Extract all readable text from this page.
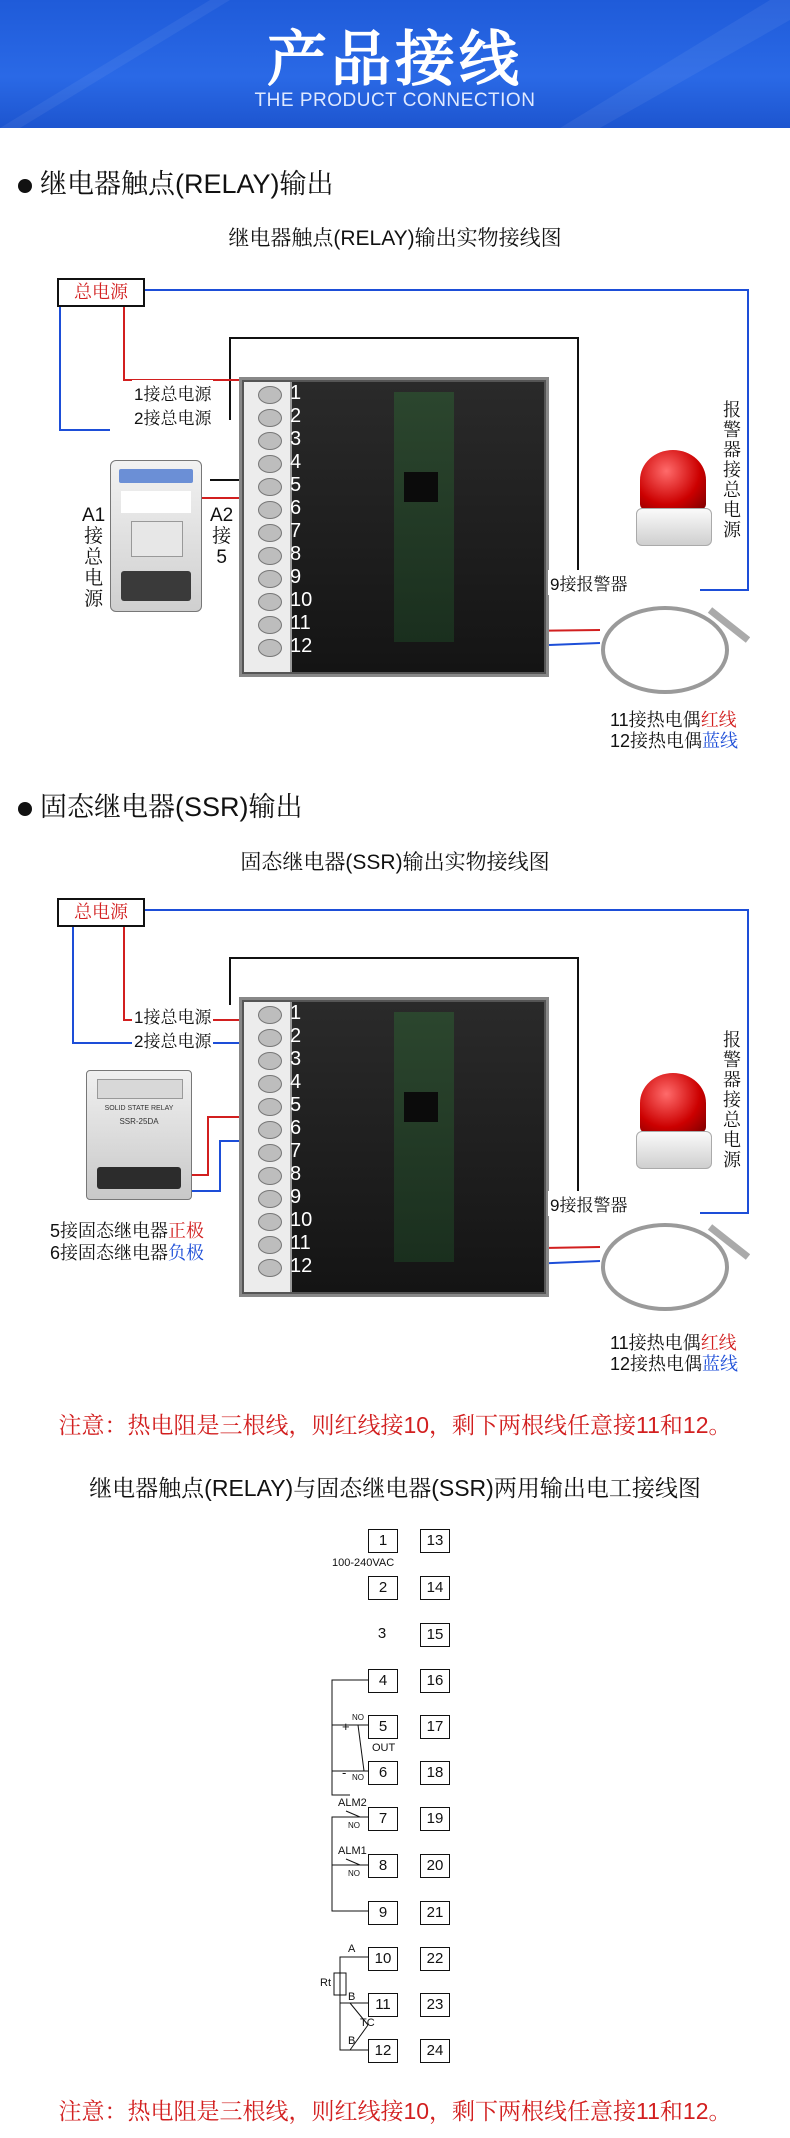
产品接线
THE PRODUCT CONNECTION
继电器触点(RELAY)输出
继电器触点(RELAY)输出实物接线图
总电源
1
2
3
4
5
6
7
8
9
10
11
12
1接总电源
2接总电源
A1
接
总
电
源
A2
接
5
报
警
器
接
总
电
源
9接报警器
11接热电偶红线
12接热电偶蓝线
固态继电器(SSR)输出
固态继电器(SSR)输出实物接线图
总电源
1
2
3
4
5
6
7
8
9
10
11
12
1接总电源
2接总电源
SOLID STATE RELAY
SSR-25DA
5接固态继电器正极
6接固态继电器负极
报
警
器
接
总
电
源
9接报警器
11接热电偶红线
12接热电偶蓝线
注意：热电阻是三根线，则红线接10，剩下两根线任意接11和12。
继电器触点(RELAY)与固态继电器(SSR)两用输出电工接线图
1
2
3
4
5
6
7
8
9
10
11
12
13
14
15
16
17
18
19
20
21
22
23
24
100-240VAC
+
-
NO
NO
OUT
ALM2
NO
ALM1
NO
A
Rt
B
TC
B
注意：热电阻是三根线，则红线接10，剩下两根线任意接11和12。
